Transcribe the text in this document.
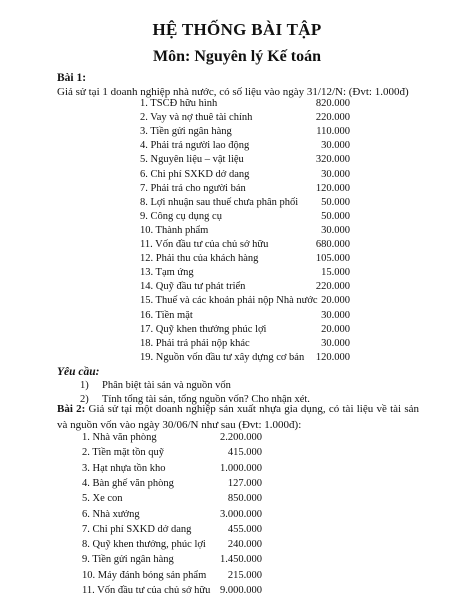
HỆ THỐNG BÀI TẬP
Môn: Nguyên lý Kế toán
Bài 1:
Giả sử tại 1 doanh nghiệp nhà nước, có số liệu vào ngày 31/12/N: (Đvt: 1.000đ)
1. TSCĐ hữu hình	820.000
2. Vay và nợ thuê tài chính	220.000
3. Tiền gửi ngân hàng	110.000
4. Phải trả người lao động	30.000
5. Nguyên liệu – vật liệu	320.000
6. Chi phí SXKD dở dang	30.000
7. Phải trả cho người bán	120.000
8. Lợi nhuận sau thuế chưa phân phối 50.000
9. Công cụ dụng cụ	50.000
10. Thành phẩm	30.000
11. Vốn đầu tư của chủ sở hữu	680.000
12. Phải thu của khách hàng	105.000
13. Tạm ứng	15.000
14. Quỹ đầu tư phát triển	220.000
15. Thuế và các khoản phải nộp Nhà nước 20.000
16. Tiền mặt	30.000
17. Quỹ khen thưởng phúc lợi	20.000
18. Phải trả phải nộp khác	30.000
19. Nguồn vốn đầu tư xây dựng cơ bản 120.000
Yêu cầu:
1) Phân biệt tài sản và nguồn vốn
2) Tính tổng tài sản, tổng nguồn vốn? Cho nhận xét.
Bài 2: Giả sử tại một doanh nghiệp sản xuất nhựa gia dụng, có tài liệu về tài sản và nguồn vốn vào ngày 30/06/N như sau (Đvt: 1.000đ):
1. Nhà văn phòng	2.200.000
2. Tiền mặt tồn quỹ	415.000
3. Hạt nhựa tồn kho	1.000.000
4. Bàn ghế văn phòng	127.000
5. Xe con	850.000
6. Nhà xưởng	3.000.000
7. Chi phí SXKD dở dang	455.000
8. Quỹ khen thưởng, phúc lợi 240.000
9. Tiền gửi ngân hàng	1.450.000
10. Máy đánh bóng sản phẩm 215.000
11. Vốn đầu tư của chủ sở hữu 9.000.000
